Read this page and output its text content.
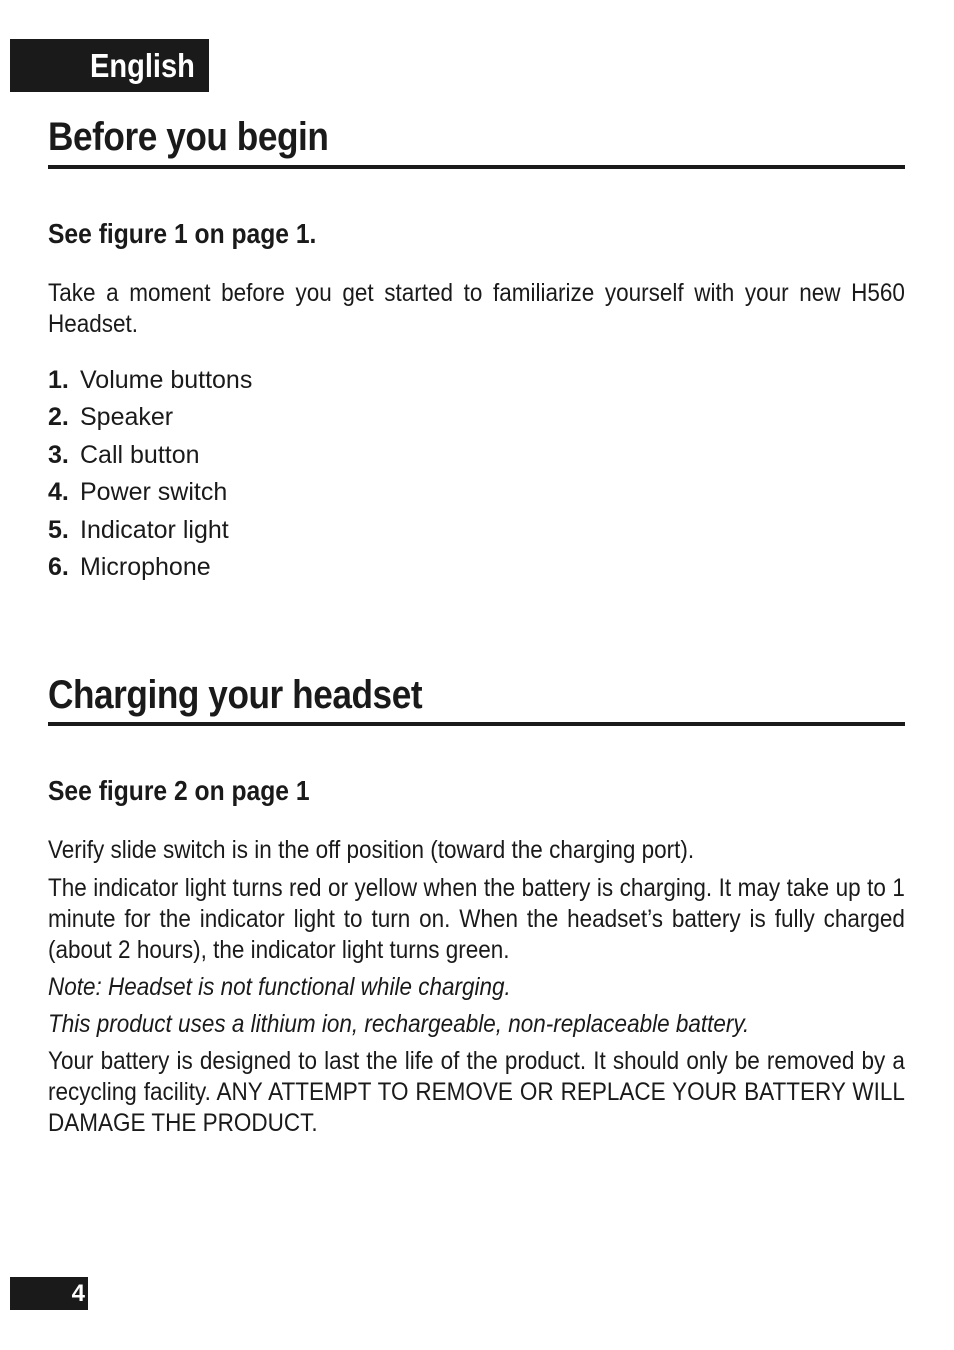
English
Before you begin
See figure 1 on page 1.

Take a moment before you get started to familiarize yourself with your new H560 Headset.

1. Volume buttons
2. Speaker
3. Call button
4. Power switch
5. Indicator light
6. Microphone
Charging your headset
See figure 2 on page 1

Verify slide switch is in the off position (toward the charging port).

The indicator light turns red or yellow when the battery is charging. It may take up to 1 minute for the indicator light to turn on. When the headset’s battery is fully charged (about 2 hours), the indicator light turns green.

Note: Headset is not functional while charging.

This product uses a lithium ion, rechargeable, non-replaceable battery.

Your battery is designed to last the life of the product. It should only be removed by a recycling facility. ANY ATTEMPT TO REMOVE OR REPLACE YOUR BATTERY WILL DAMAGE THE PRODUCT.

4
